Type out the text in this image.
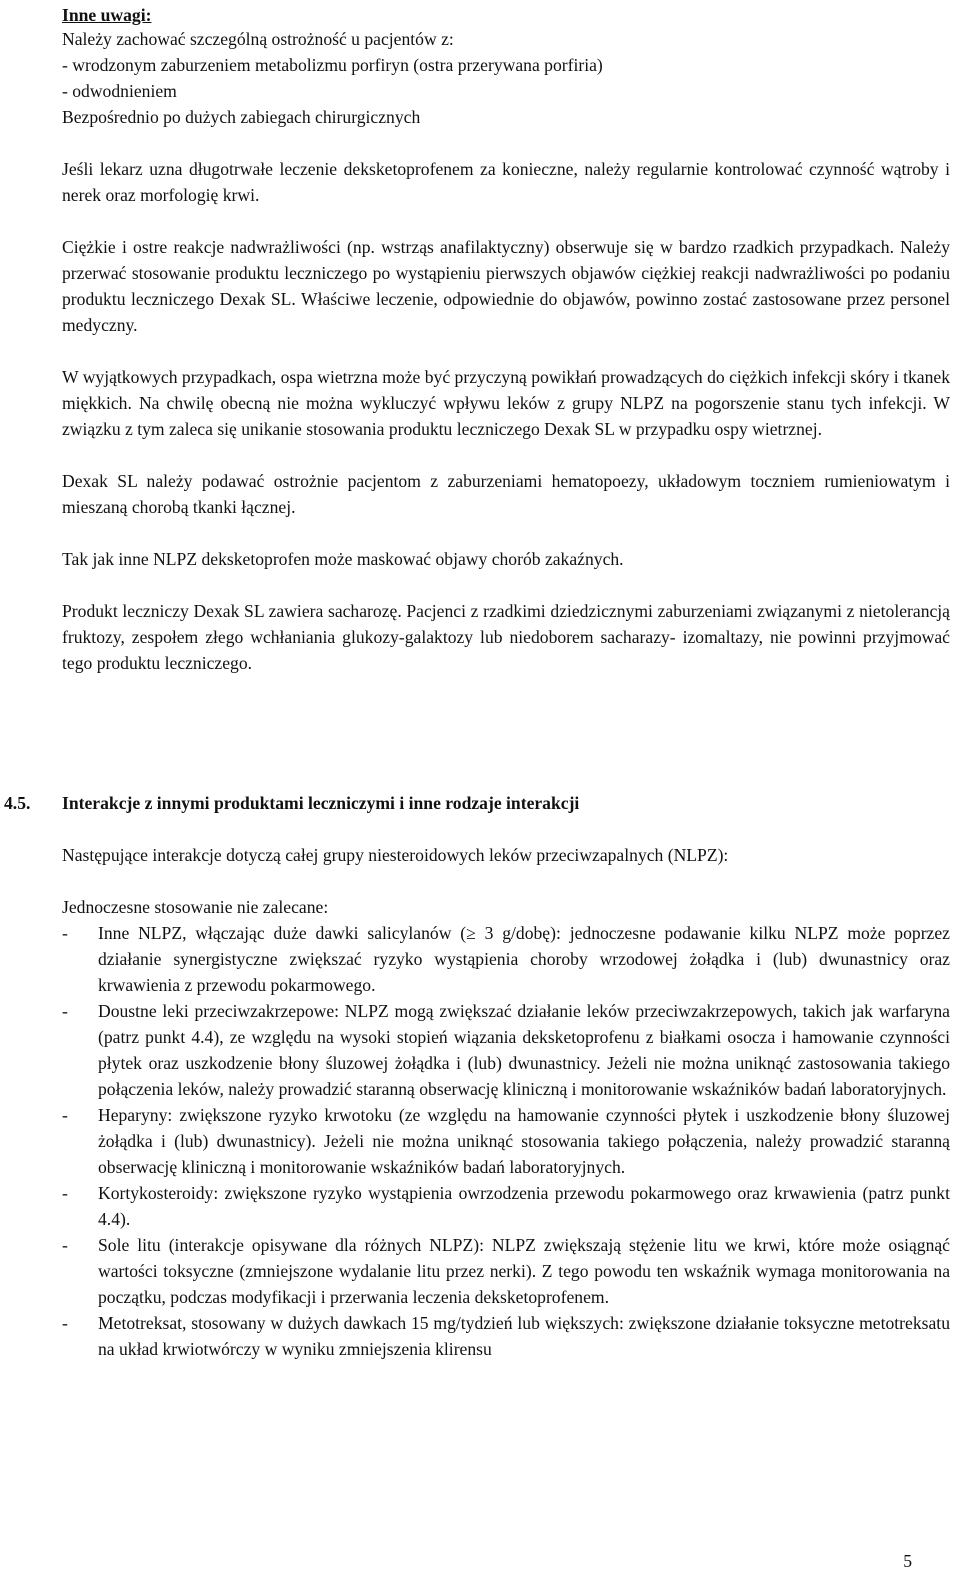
Inne uwagi:

Należy zachować szczególną ostrożność u pacjentów z:

- wrodzonym zaburzeniem metabolizmu porfiryn (ostra przerywana porfiria)

- odwodnieniem

Bezpośrednio po dużych zabiegach chirurgicznych

Jeśli lekarz uzna długotrwałe leczenie deksketoprofenem za konieczne, należy regularnie kontrolować czynność wątroby i nerek oraz morfologię krwi.

Ciężkie i ostre reakcje nadwrażliwości (np. wstrząs anafilaktyczny) obserwuje się w bardzo rzadkich przypadkach. Należy przerwać stosowanie produktu leczniczego po wystąpieniu pierwszych objawów ciężkiej reakcji nadwrażliwości po podaniu produktu leczniczego Dexak SL. Właściwe leczenie, odpowiednie do objawów, powinno zostać zastosowane przez personel medyczny.

W wyjątkowych przypadkach, ospa wietrzna może być przyczyną powikłań prowadzących do ciężkich infekcji skóry i tkanek miękkich. Na chwilę obecną nie można wykluczyć wpływu leków z grupy NLPZ na pogorszenie stanu tych infekcji. W związku z tym zaleca się unikanie stosowania produktu leczniczego Dexak SL w przypadku ospy wietrznej.

Dexak SL należy podawać ostrożnie pacjentom z zaburzeniami hematopoezy, układowym toczniem rumieniowatym i mieszaną chorobą tkanki łącznej.

Tak jak inne NLPZ deksketoprofen może maskować objawy chorób zakaźnych.

Produkt leczniczy Dexak SL zawiera sacharozę. Pacjenci z rzadkimi dziedzicznymi zaburzeniami związanymi z nietolerancją fruktozy, zespołem złego wchłaniania glukozy-galaktozy lub niedoborem sacharazy- izomaltazy, nie powinni przyjmować tego produktu leczniczego.

4.5. Interakcje z innymi produktami leczniczymi i inne rodzaje interakcji

Następujące interakcje dotyczą całej grupy niesteroidowych leków przeciwzapalnych (NLPZ):

Jednoczesne stosowanie nie zalecane:

- Inne NLPZ, włączając duże dawki salicylanów (≥ 3 g/dobę): jednoczesne podawanie kilku NLPZ może poprzez działanie synergistyczne zwiększać ryzyko wystąpienia choroby wrzodowej żołądka i (lub) dwunastnicy oraz krwawienia z przewodu pokarmowego.
- Doustne leki przeciwzakrzepowe: NLPZ mogą zwiększać działanie leków przeciwzakrzepowych, takich jak warfaryna (patrz punkt 4.4), ze względu na wysoki stopień wiązania deksketoprofenu z białkami osocza i hamowanie czynności płytek oraz uszkodzenie błony śluzowej żołądka i (lub) dwunastnicy. Jeżeli nie można uniknąć zastosowania takiego połączenia leków, należy prowadzić staranną obserwację kliniczną i monitorowanie wskaźników badań laboratoryjnych.
- Heparyny: zwiększone ryzyko krwotoku (ze względu na hamowanie czynności płytek i uszkodzenie błony śluzowej żołądka i (lub) dwunastnicy). Jeżeli nie można uniknąć stosowania takiego połączenia, należy prowadzić staranną obserwację kliniczną i monitorowanie wskaźników badań laboratoryjnych.
- Kortykosteroidy: zwiększone ryzyko wystąpienia owrzodzenia przewodu pokarmowego oraz krwawienia (patrz punkt 4.4).
- Sole litu (interakcje opisywane dla różnych NLPZ): NLPZ zwiększają stężenie litu we krwi, które może osiągnąć wartości toksyczne (zmniejszone wydalanie litu przez nerki). Z tego powodu ten wskaźnik wymaga monitorowania na początku, podczas modyfikacji i przerwania leczenia deksketoprofenem.
- Metotreksat, stosowany w dużych dawkach 15 mg/tydzień lub większych: zwiększone działanie toksyczne metotreksatu na układ krwiotwórczy w wyniku zmniejszenia klirensu
5
